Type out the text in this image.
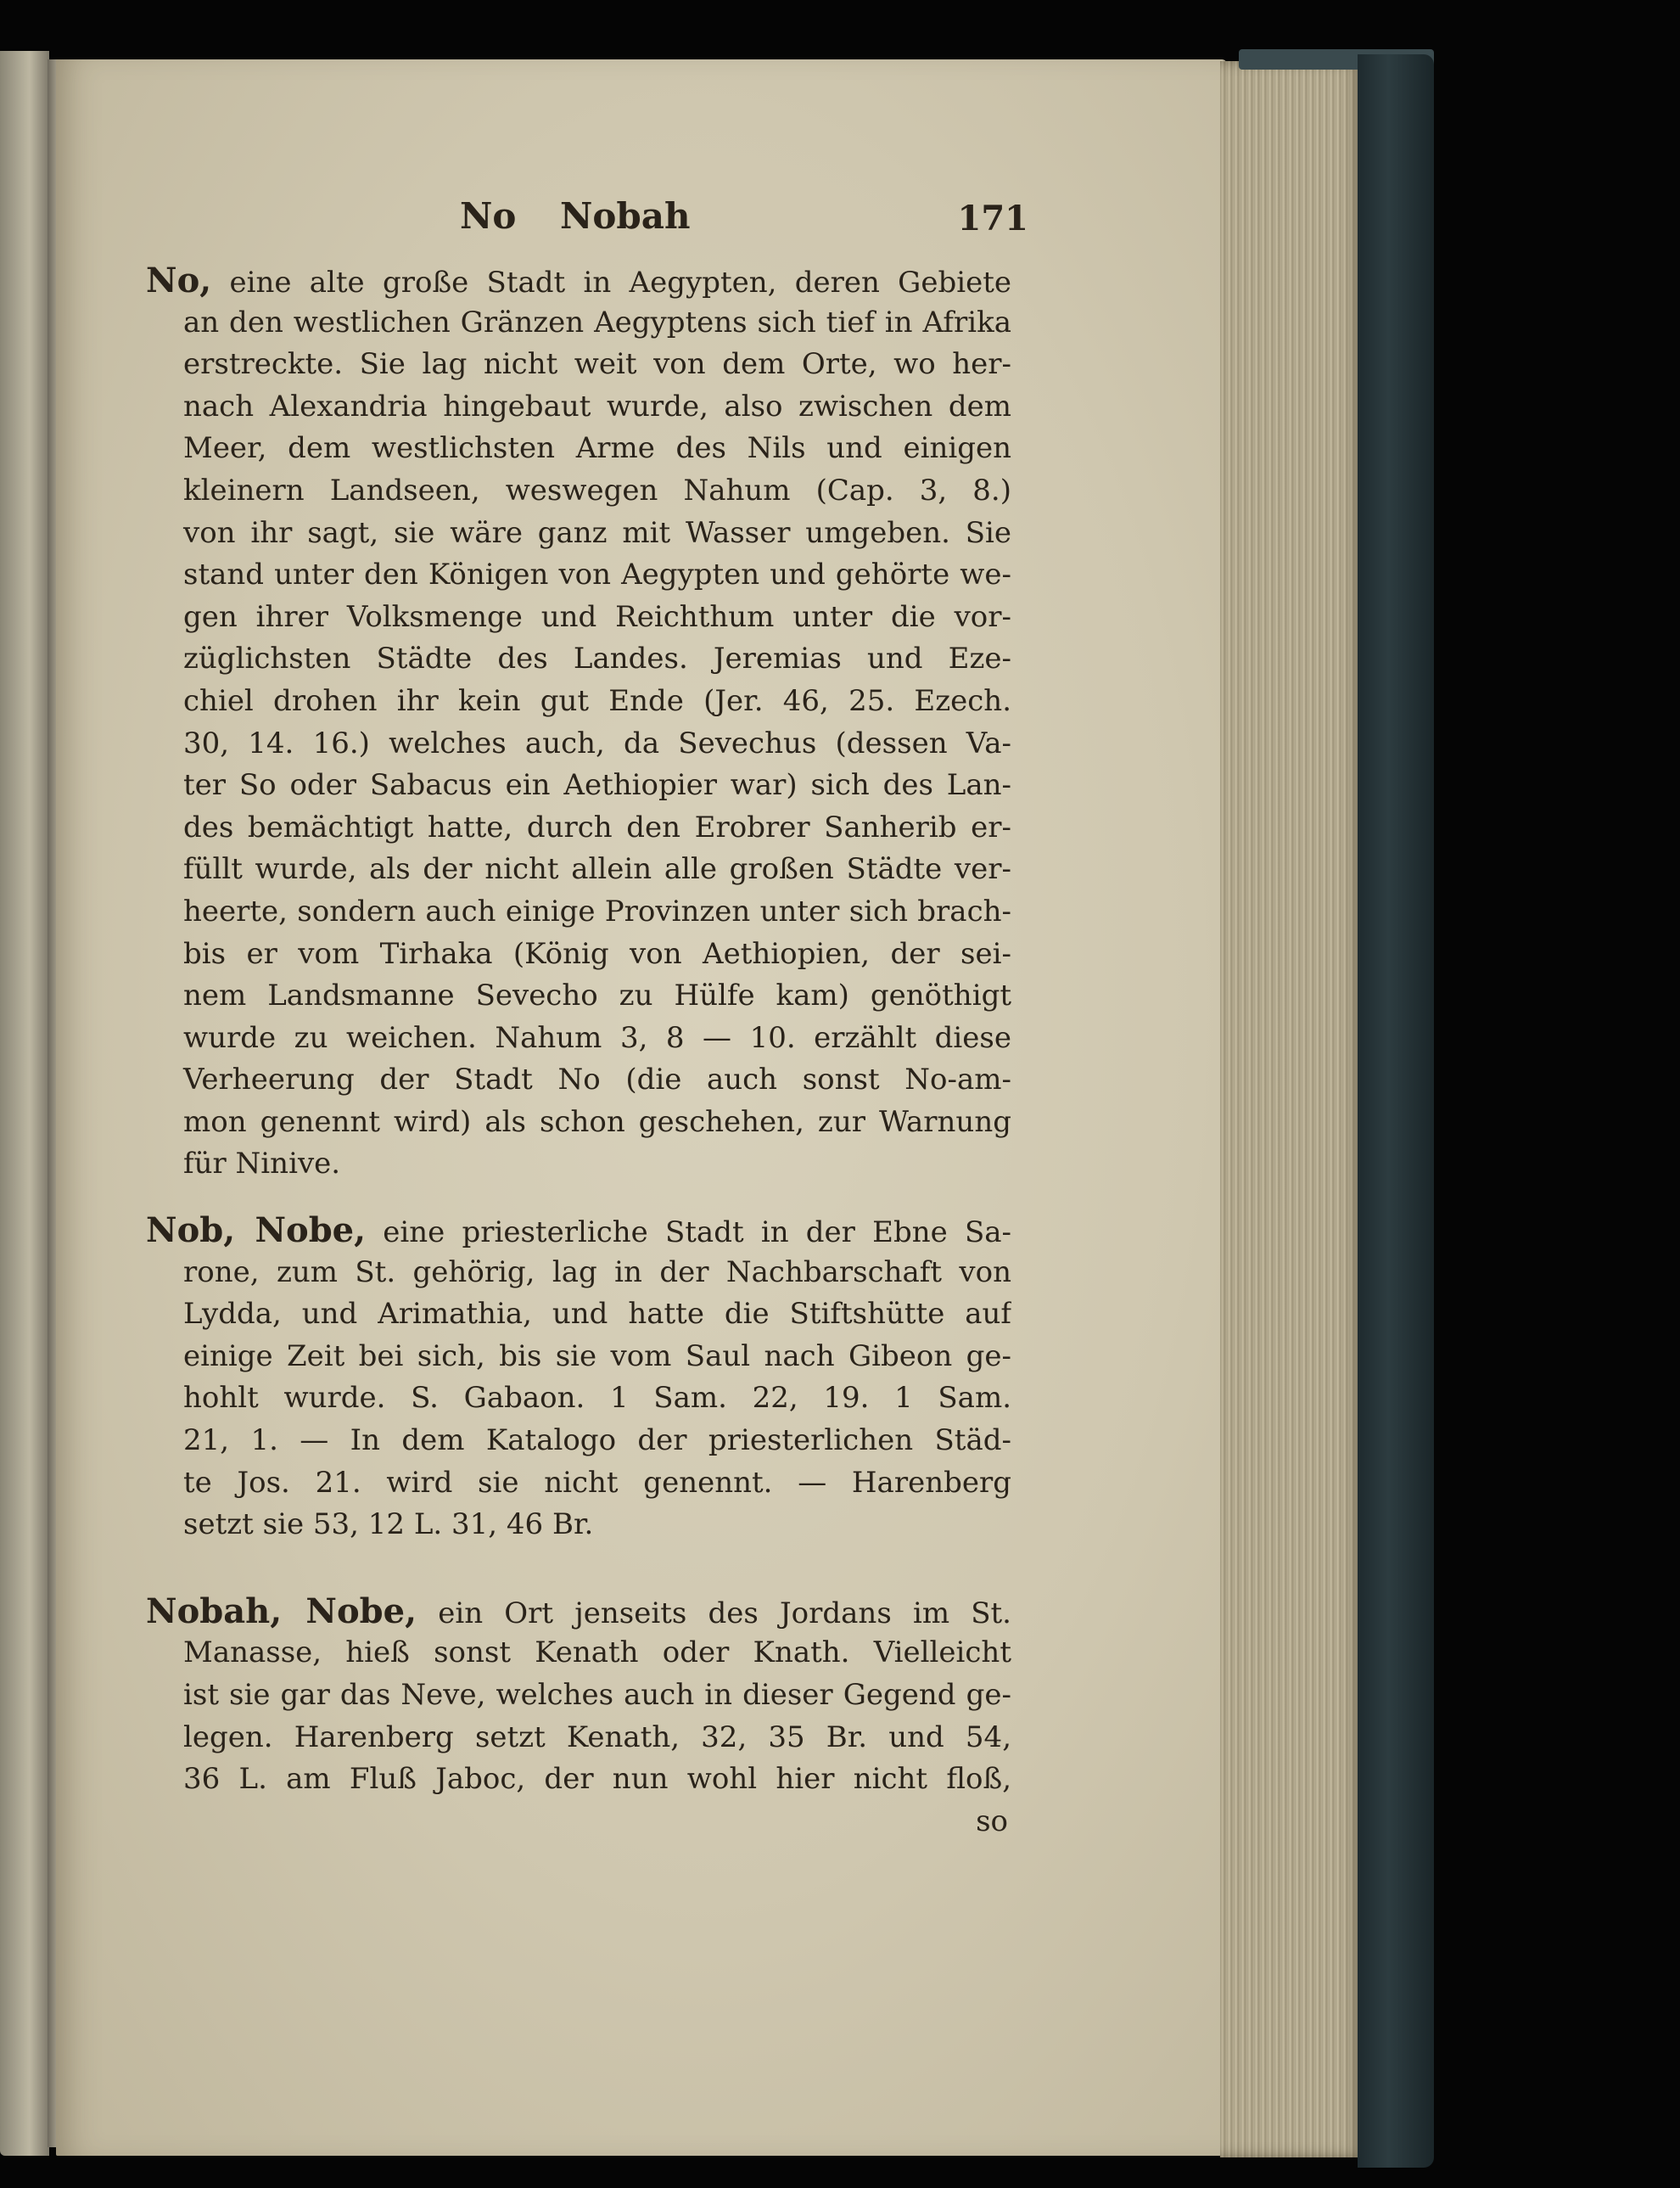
No Nobah	171
No, eine alte große Stadt in Aegypten, deren Gebiete
an den westlichen Gränzen Aegyptens sich tief in Afrika
erstreckte. Sie lag nicht weit von dem Orte, wo her-
nach Alexandria hingebaut wurde, also zwischen dem
Meer, dem westlichsten Arme des Nils und einigen
kleinern Landseen, weswegen Nahum (Cap. 3, 8.)
von ihr sagt, sie wäre ganz mit Wasser umgeben. Sie
stand unter den Königen von Aegypten und gehörte we-
gen ihrer Volksmenge und Reichthum unter die vor-
züglichsten Städte des Landes. Jeremias und Eze-
chiel drohen ihr kein gut Ende (Jer. 46, 25. Ezech.
30, 14. 16.) welches auch, da Sevechus (dessen Va-
ter So oder Sabacus ein Aethiopier war) sich des Lan-
des bemächtigt hatte, durch den Erobrer Sanherib er-
füllt wurde, als der nicht allein alle großen Städte ver-
heerte, sondern auch einige Provinzen unter sich brach-
bis er vom Tirhaka (König von Aethiopien, der sei-
nem Landsmanne Sevecho zu Hülfe kam) genöthigt
wurde zu weichen. Nahum 3, 8 — 10. erzählt diese
Verheerung der Stadt No (die auch sonst No-am-
mon genennt wird) als schon geschehen, zur Warnung
für Ninive.
Nob, Nobe, eine priesterliche Stadt in der Ebne Sa-
rone, zum St. gehörig, lag in der Nachbarschaft von
Lydda, und Arimathia, und hatte die Stiftshütte auf
einige Zeit bei sich, bis sie vom Saul nach Gibeon ge-
hohlt wurde. S. Gabaon. 1 Sam. 22, 19. 1 Sam.
21, 1. — In dem Katalogo der priesterlichen Städ-
te Jos. 21. wird sie nicht genennt. — Harenberg
setzt sie 53, 12 L. 31, 46 Br.
Nobah, Nobe, ein Ort jenseits des Jordans im St.
Manasse, hieß sonst Kenath oder Knath. Vielleicht
ist sie gar das Neve, welches auch in dieser Gegend ge-
legen. Harenberg setzt Kenath, 32, 35 Br. und 54,
36 L. am Fluß Jaboc, der nun wohl hier nicht floß,
so
